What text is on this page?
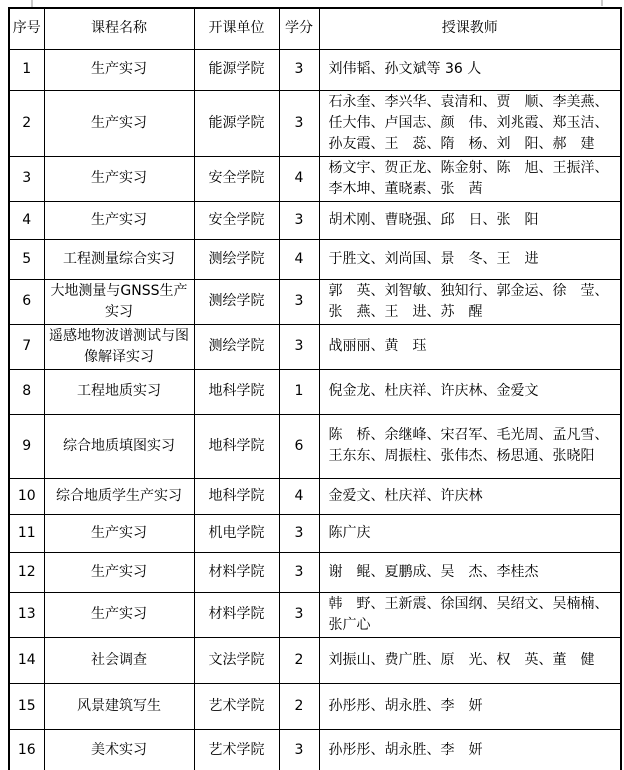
序号	课程名称	开课单位	学分	授课教师
1	生产实习	能源学院	3	刘伟韬、孙文斌等 36 人
2	生产实习	能源学院	3	石永奎、李兴华、袁清和、贾　顺、李美燕、任大伟、卢国志、颜　伟、刘兆霞、郑玉洁、孙友霞、王　蕊、隋　杨、刘　阳、郝　建
3	生产实习	安全学院	4	杨文宇、贺正龙、陈金射、陈　旭、王振洋、李木坤、董晓素、张　茜
4	生产实习	安全学院	3	胡术刚、曹晓强、邱　日、张　阳
5	工程测量综合实习	测绘学院	4	于胜文、刘尚国、景　冬、王　进
6	大地测量与GNSS生产实习	测绘学院	3	郭　英、刘智敏、独知行、郭金运、徐　莹、张　燕、王　进、苏　醒
7	遥感地物波谱测试与图像解译实习	测绘学院	3	战丽丽、黄　珏
8	工程地质实习	地科学院	1	倪金龙、杜庆祥、许庆林、金爱文
9	综合地质填图实习	地科学院	6	陈　桥、余继峰、宋召军、毛光周、孟凡雪、王东东、周振柱、张伟杰、杨思通、张晓阳
10	综合地质学生产实习	地科学院	4	金爱文、杜庆祥、许庆林
11	生产实习	机电学院	3	陈广庆
12	生产实习	材料学院	3	谢　鲲、夏鹏成、吴　杰、李桂杰
13	生产实习	材料学院	3	韩　野、王新震、徐国纲、吴绍文、吴楠楠、张广心
14	社会调查	文法学院	2	刘振山、费广胜、原　光、权　英、董　健
15	风景建筑写生	艺术学院	2	孙彤彤、胡永胜、李　妍
16	美术实习	艺术学院	3	孙彤彤、胡永胜、李　妍
